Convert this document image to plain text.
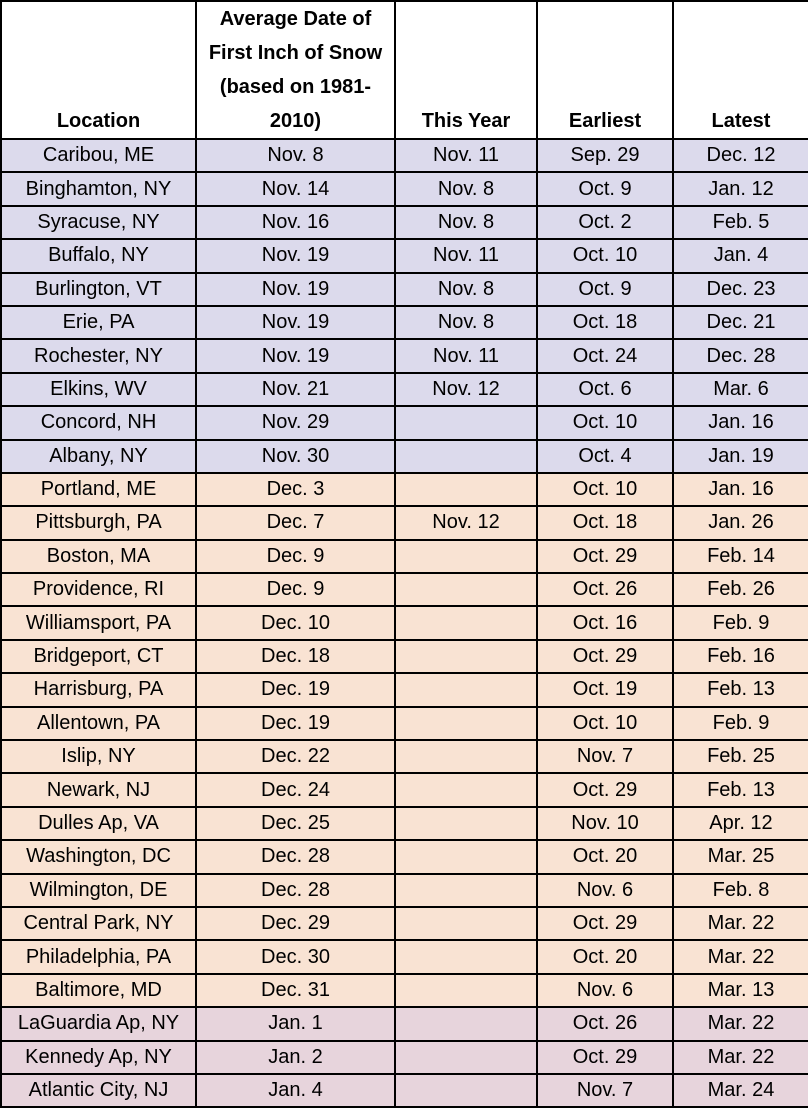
Location	Average Date of First Inch of Snow (based on 1981-2010)	This Year	Earliest	Latest
Caribou, ME	Nov. 8	Nov. 11	Sep. 29	Dec. 12
Binghamton, NY	Nov. 14	Nov. 8	Oct. 9	Jan. 12
Syracuse, NY	Nov. 16	Nov. 8	Oct. 2	Feb. 5
Buffalo, NY	Nov. 19	Nov. 11	Oct. 10	Jan. 4
Burlington, VT	Nov. 19	Nov. 8	Oct. 9	Dec. 23
Erie, PA	Nov. 19	Nov. 8	Oct. 18	Dec. 21
Rochester, NY	Nov. 19	Nov. 11	Oct. 24	Dec. 28
Elkins, WV	Nov. 21	Nov. 12	Oct. 6	Mar. 6
Concord, NH	Nov. 29		Oct. 10	Jan. 16
Albany, NY	Nov. 30		Oct. 4	Jan. 19
Portland, ME	Dec. 3		Oct. 10	Jan. 16
Pittsburgh, PA	Dec. 7	Nov. 12	Oct. 18	Jan. 26
Boston, MA	Dec. 9		Oct. 29	Feb. 14
Providence, RI	Dec. 9		Oct. 26	Feb. 26
Williamsport, PA	Dec. 10		Oct. 16	Feb. 9
Bridgeport, CT	Dec. 18		Oct. 29	Feb. 16
Harrisburg, PA	Dec. 19		Oct. 19	Feb. 13
Allentown, PA	Dec. 19		Oct. 10	Feb. 9
Islip, NY	Dec. 22		Nov. 7	Feb. 25
Newark, NJ	Dec. 24		Oct. 29	Feb. 13
Dulles Ap, VA	Dec. 25		Nov. 10	Apr. 12
Washington, DC	Dec. 28		Oct. 20	Mar. 25
Wilmington, DE	Dec. 28		Nov. 6	Feb. 8
Central Park, NY	Dec. 29		Oct. 29	Mar. 22
Philadelphia, PA	Dec. 30		Oct. 20	Mar. 22
Baltimore, MD	Dec. 31		Nov. 6	Mar. 13
LaGuardia Ap, NY	Jan. 1		Oct. 26	Mar. 22
Kennedy Ap, NY	Jan. 2		Oct. 29	Mar. 22
Atlantic City, NJ	Jan. 4		Nov. 7	Mar. 24
